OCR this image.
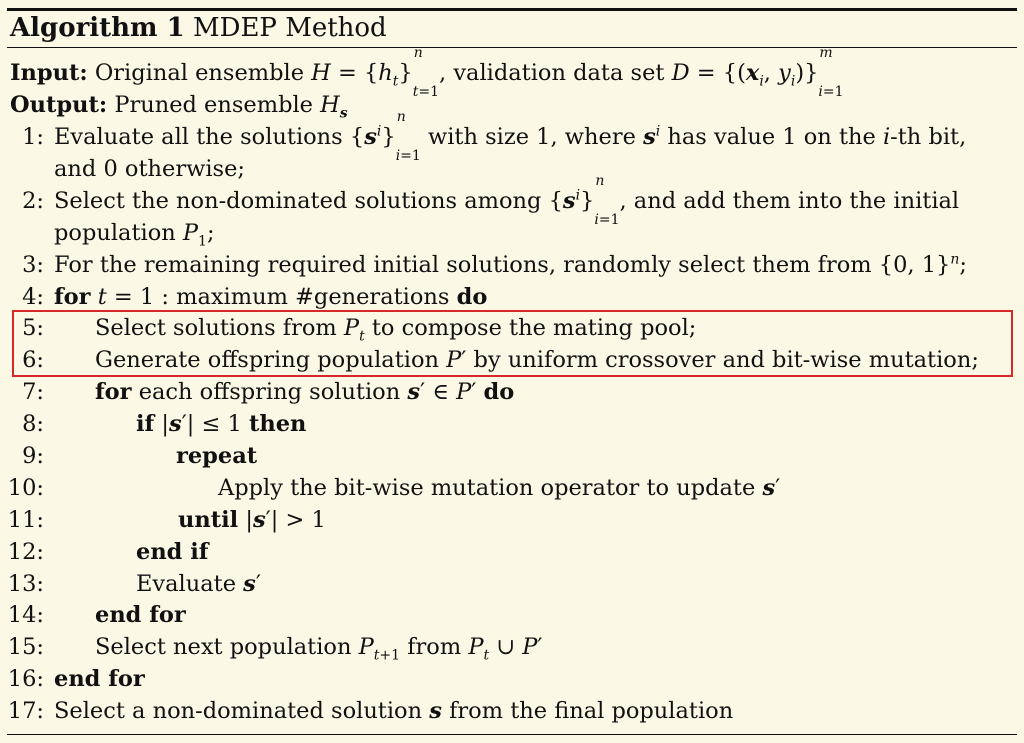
Algorithm 1 MDEP Method
Input: Original ensemble $H = \{h_t\}$
n
$_{t=1}$, validation data set $D = \{(x_i$, $y_i$)}
m
$_{i=1}$
Output: Pruned ensemble $H_s$
1: Evaluate all the solutions $\{s^i\}$
n
$_{i=1}$ with size 1, where $s^i$ has value 1 on the i-th bit,
and 0 otherwise;
2: Select the non-dominated solutions among $\{s^i\}$
n
$_{i=1}$, and add them into the initial
population $P_1$;
3: For the remaining required initial solutions, randomly select them from {0, 1}$^n$;
4: for t = 1 : maximum #generations do
5: Select solutions from $P_t$ to compose the mating pool;
6: Generate offspring population P′ by uniform crossover and bit-wise mutation;
7: for each offspring solution s′ ∈ P′ do
8:	if |s′| ≤ 1 then
9:	repeat
10:	Apply the bit-wise mutation operator to update s′
11:	until |s′| > 1
12:	end if
13:	Evaluate s′
14: end for
15: Select next population $P_{t+1}$ from $P_t$ ∪ P′
16: end for
17: Select a non-dominated solution s from the final population
